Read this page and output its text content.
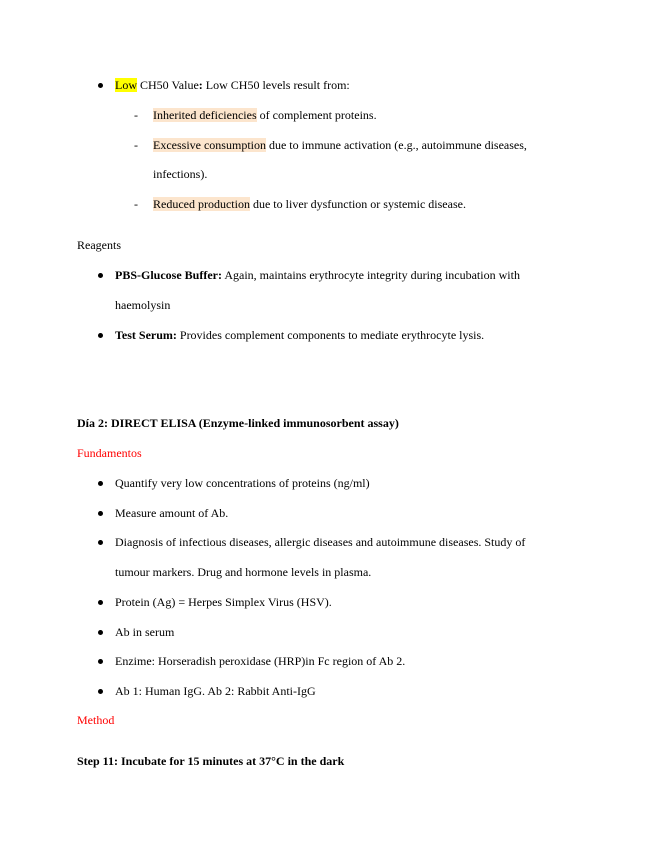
Low CH50 Value: Low CH50 levels result from:
- Inherited deficiencies of complement proteins.
- Excessive consumption due to immune activation (e.g., autoimmune diseases,
infections).
- Reduced production due to liver dysfunction or systemic disease.
Reagents
PBS-Glucose Buffer: Again, maintains erythrocyte integrity during incubation with
haemolysin
Test Serum: Provides complement components to mediate erythrocyte lysis.
Día 2: DIRECT ELISA (Enzyme-linked immunosorbent assay)
Fundamentos
Quantify very low concentrations of proteins (ng/ml)
Measure amount of Ab.
Diagnosis of infectious diseases, allergic diseases and autoimmune diseases. Study of
tumour markers. Drug and hormone levels in plasma.
Protein (Ag) = Herpes Simplex Virus (HSV).
Ab in serum
Enzime: Horseradish peroxidase (HRP)in Fc region of Ab 2.
Ab 1: Human IgG. Ab 2: Rabbit Anti-IgG
Method
Step 11: Incubate for 15 minutes at 37°C in the dark
